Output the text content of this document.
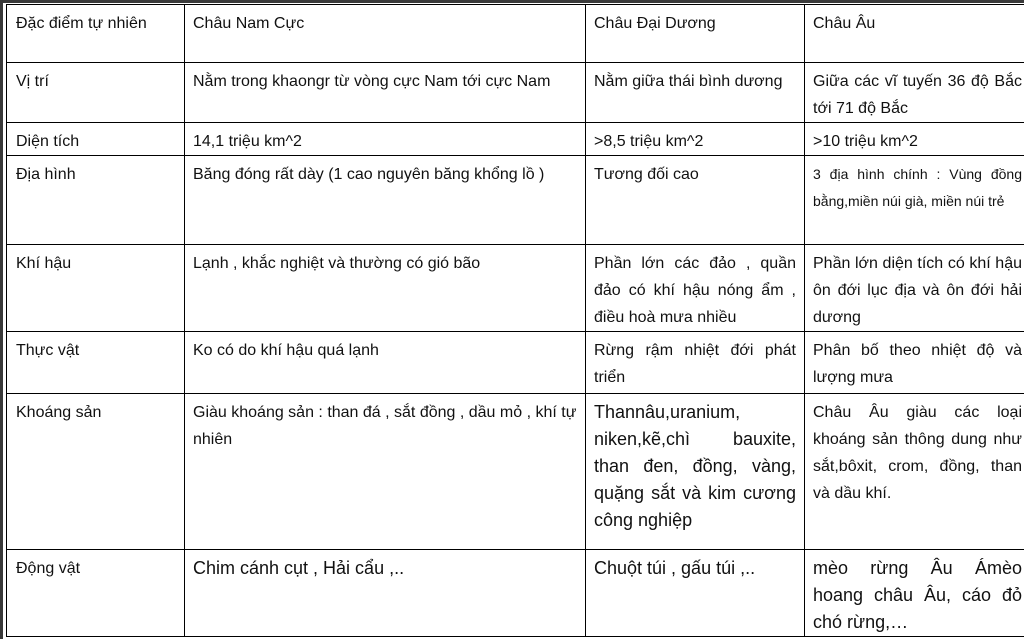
Đặc điểm tự nhiên	Châu Nam Cực	Châu Đại Dương	Châu Âu
Vị trí	Nằm trong khaongr từ vòng cực Nam tới cực Nam	Nằm giữa thái bình dương	Giữa các vĩ tuyến 36 độ Bắc tới 71 độ Bắc
Diện tích	14,1 triệu km^2	>8,5 triệu km^2	>10 triệu km^2
Địa hình	Băng đóng rất dày (1 cao nguyên băng khổng lồ )	Tương đối cao	3 địa hình chính : Vùng đồng bằng,miền núi già, miền núi trẻ
Khí hậu	Lạnh , khắc nghiệt và thường có gió bão	Phần lớn các đảo , quần đảo có khí hậu nóng ẩm , điều hoà mưa nhiều	Phần lớn diện tích có khí hậu ôn đới lục địa và ôn đới hải dương
Thực vật	Ko có do khí hậu quá lạnh	Rừng rậm nhiệt đới phát triển	Phân bố theo nhiệt độ và lượng mưa
Khoáng sản	Giàu khoáng sản : than đá , sắt đồng , dầu mỏ , khí tự nhiên	Thannâu,uranium, niken,kẽ,chì bauxite, than đen, đồng, vàng, quặng sắt và kim cương công nghiệp	Châu Âu giàu các loại khoáng sản thông dung như sắt,bôxit, crom, đồng, than và dầu khí.
Động vật	Chim cánh cụt , Hải cẩu ,..	Chuột túi , gấu túi ,..	mèo rừng Âu Ámèo hoang châu Âu, cáo đỏ chó rừng,…
